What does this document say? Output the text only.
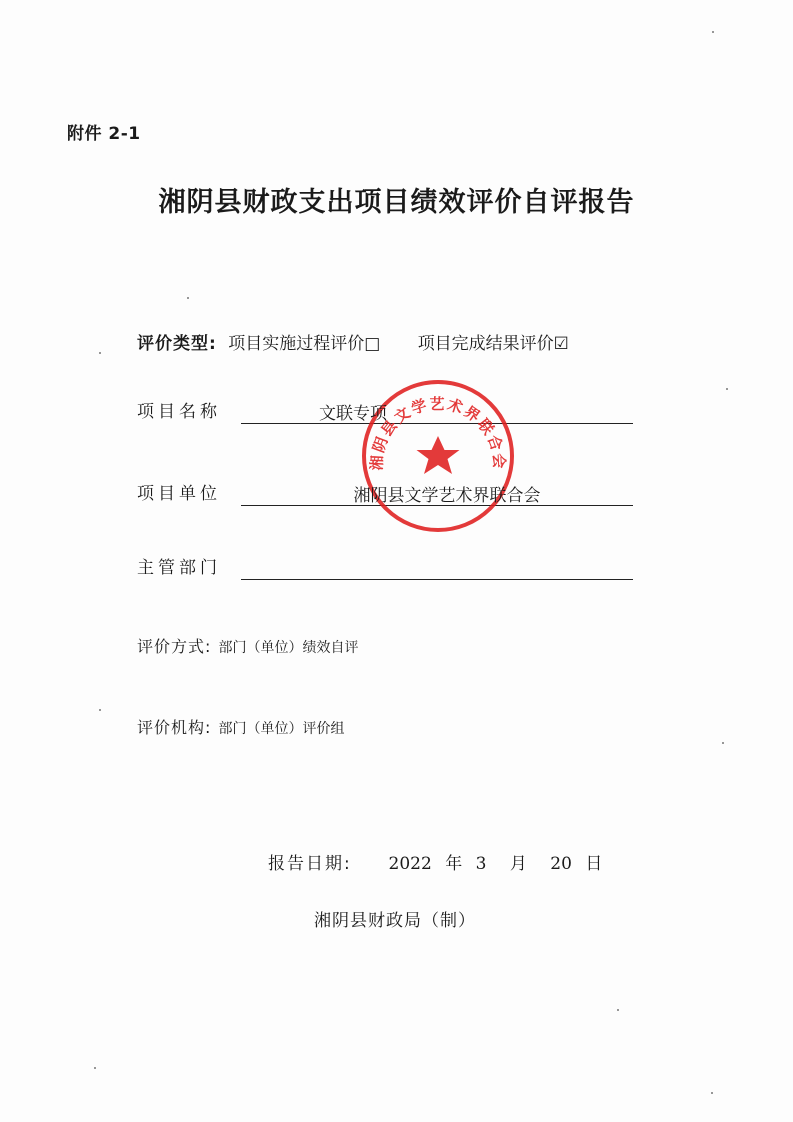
附件 2-1
湘阴县财政支出项目绩效评价自评报告
评价类型: 项目实施过程评价□ 项目完成结果评价☑
项目名称	文联专项
项目单位	湘阴县文学艺术界联合会
主管部门
评价方式: 部门（单位）绩效自评
评价机构: 部门（单位）评价组
报告日期: 2022 年 3 月 20 日
湘阴县财政局（制）
湘阴县文学艺术界联合会
